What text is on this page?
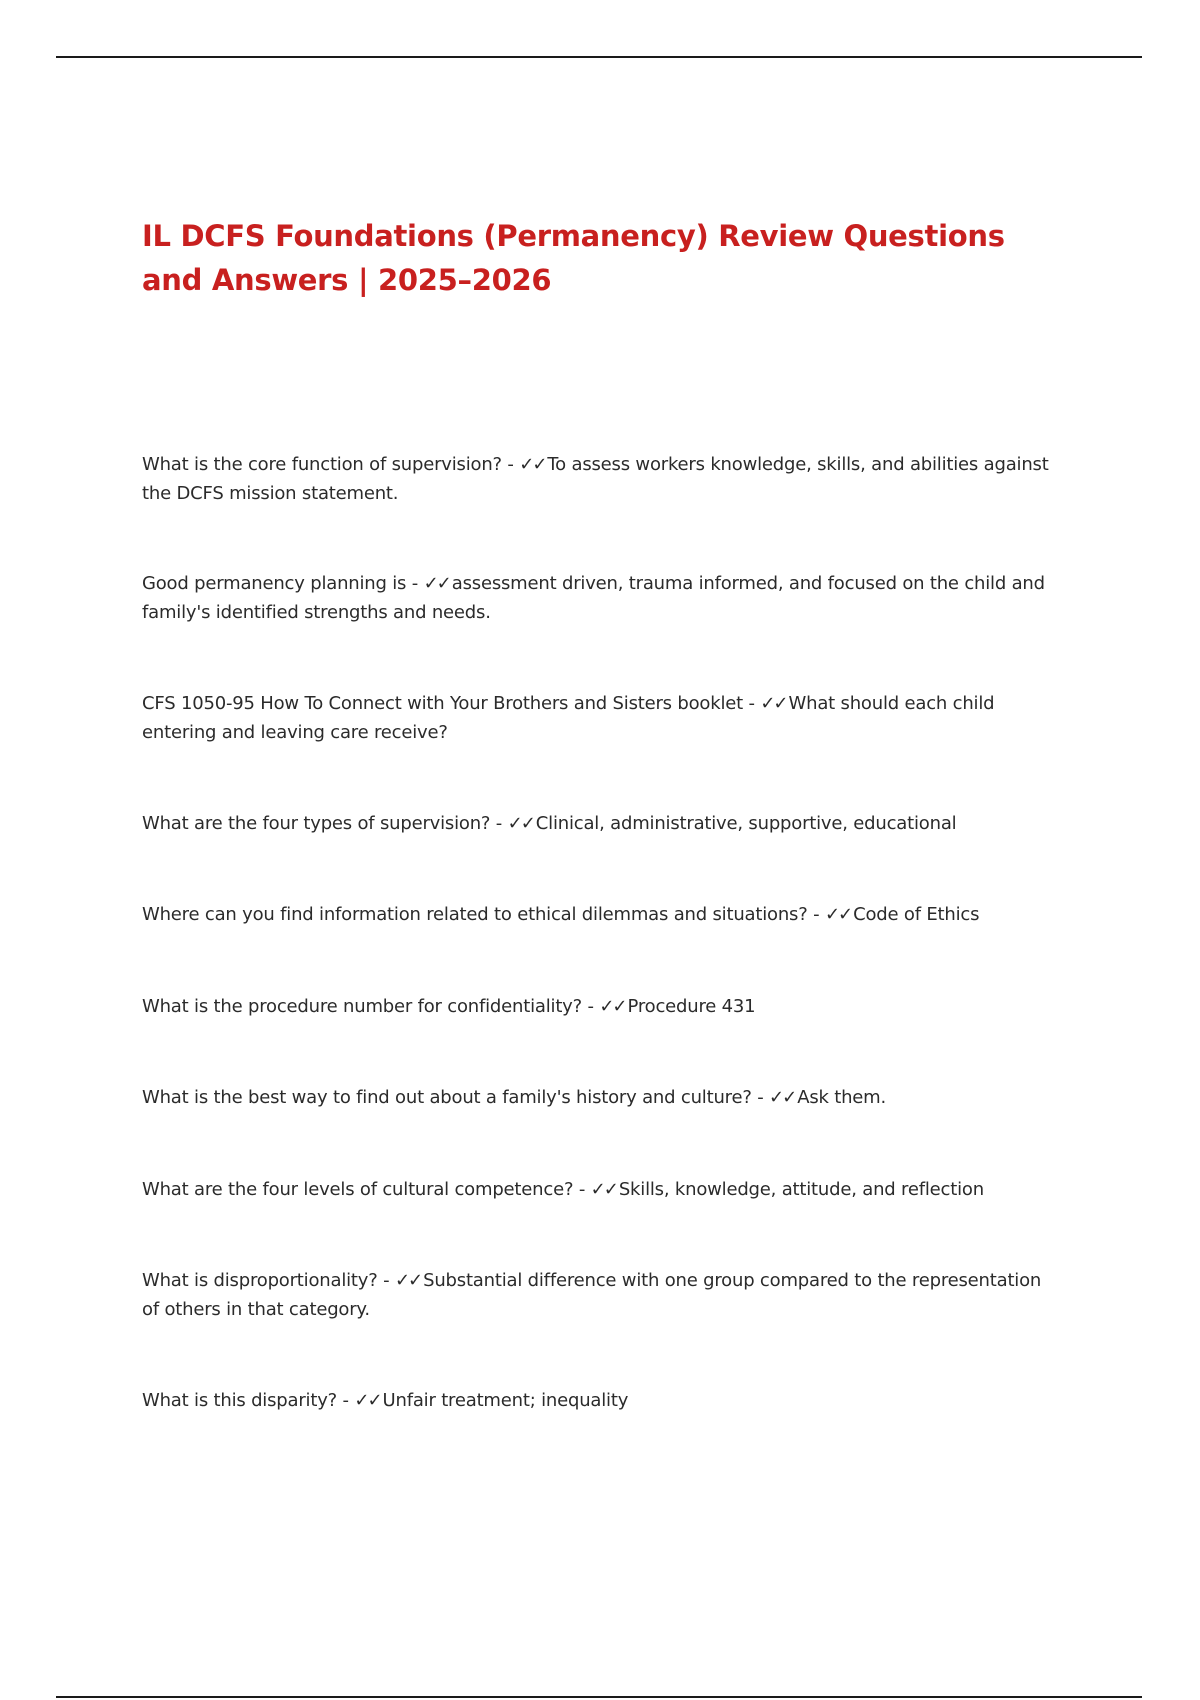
IL DCFS Foundations (Permanency) Review Questions and Answers | 2025–2026

What is the core function of supervision? - ✓✓ To assess workers knowledge, skills, and abilities against the DCFS mission statement.

Good permanency planning is - ✓✓ assessment driven, trauma informed, and focused on the child and family's identified strengths and needs.

CFS 1050-95 How To Connect with Your Brothers and Sisters booklet - ✓✓ What should each child entering and leaving care receive?

What are the four types of supervision? - ✓✓ Clinical, administrative, supportive, educational

Where can you find information related to ethical dilemmas and situations? - ✓✓ Code of Ethics

What is the procedure number for confidentiality? - ✓✓ Procedure 431

What is the best way to find out about a family's history and culture? - ✓✓ Ask them.

What are the four levels of cultural competence? - ✓✓ Skills, knowledge, attitude, and reflection

What is disproportionality? - ✓✓ Substantial difference with one group compared to the representation of others in that category.

What is this disparity? - ✓✓ Unfair treatment; inequality
